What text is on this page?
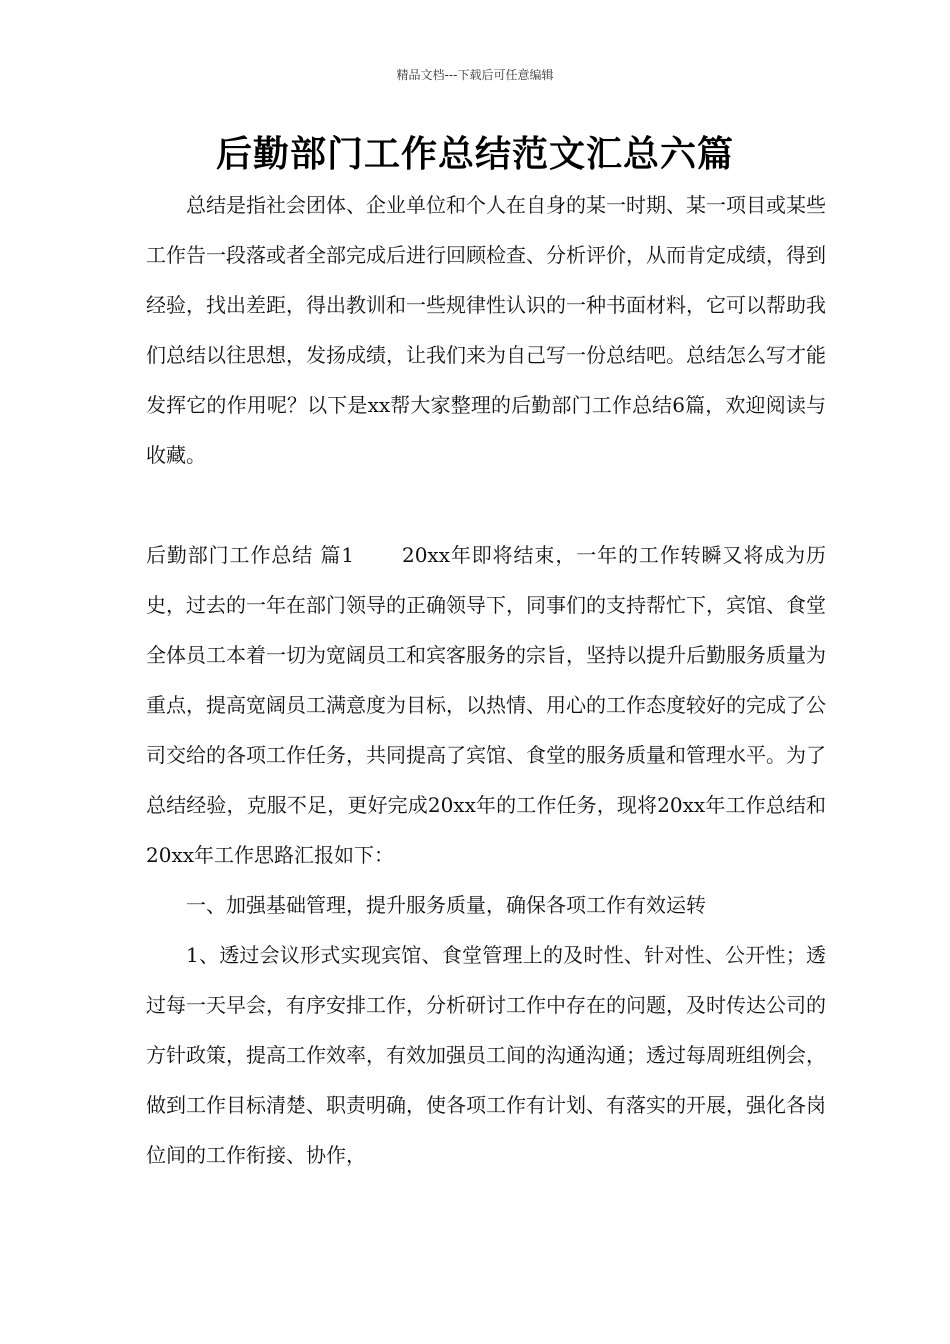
精品文档---下载后可任意编辑
后勤部门工作总结范文汇总六篇

总结是指社会团体、企业单位和个人在自身的某一时期、某一项目或某些工作告一段落或者全部完成后进行回顾检查、分析评价，从而肯定成绩，得到经验，找出差距，得出教训和一些规律性认识的一种书面材料，它可以帮助我们总结以往思想，发扬成绩，让我们来为自己写一份总结吧。总结怎么写才能发挥它的作用呢？以下是xx帮大家整理的后勤部门工作总结6篇，欢迎阅读与收藏。

后勤部门工作总结 篇1 20xx年即将结束，一年的工作转瞬又将成为历史，过去的一年在部门领导的正确领导下，同事们的支持帮忙下，宾馆、食堂全体员工本着一切为宽阔员工和宾客服务的宗旨，坚持以提升后勤服务质量为重点，提高宽阔员工满意度为目标，以热情、用心的工作态度较好的完成了公司交给的各项工作任务，共同提高了宾馆、食堂的服务质量和管理水平。为了总结经验，克服不足，更好完成20xx年的工作任务，现将20xx年工作总结和20xx年工作思路汇报如下：

一、加强基础管理，提升服务质量，确保各项工作有效运转

1、透过会议形式实现宾馆、食堂管理上的及时性、针对性、公开性；透过每一天早会，有序安排工作，分析研讨工作中存在的问题，及时传达公司的方针政策，提高工作效率，有效加强员工间的沟通沟通；透过每周班组例会，做到工作目标清楚、职责明确，使各项工作有计划、有落实的开展，强化各岗位间的工作衔接、协作，
